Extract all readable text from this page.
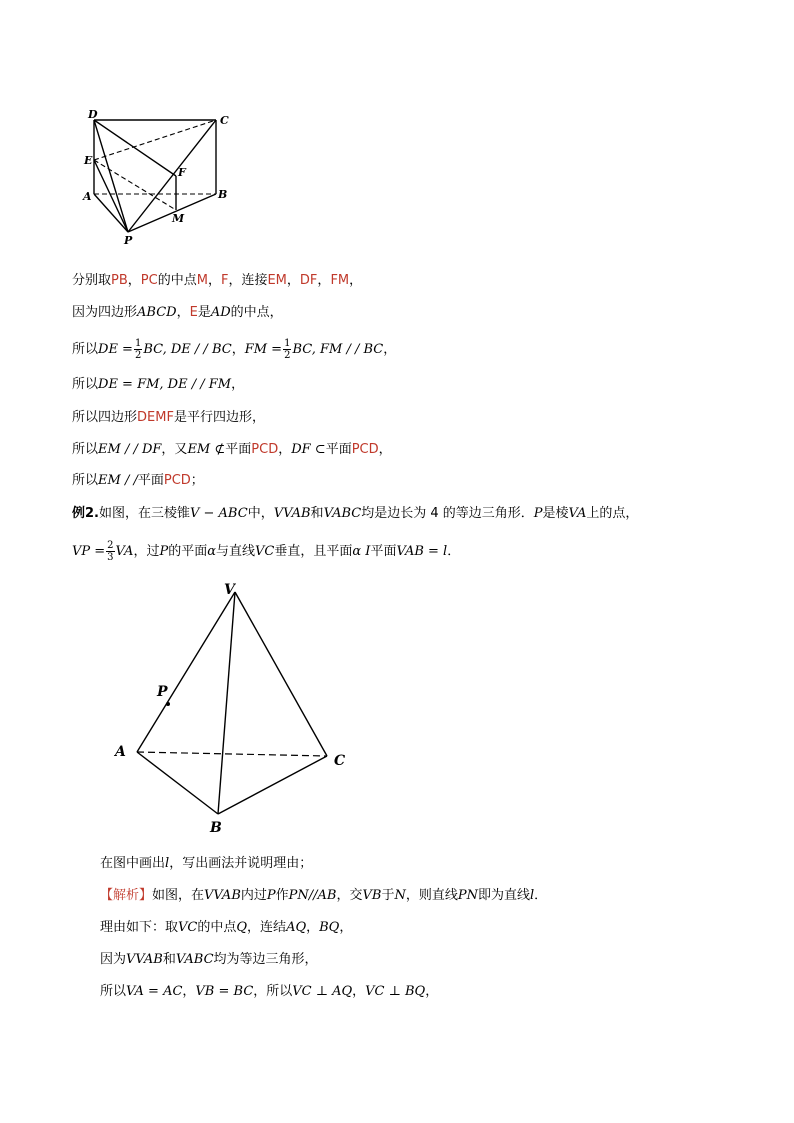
D	C
E
F
A	B
M
P
分别取PB，PC的中点M，F，连接EM，DF，FM，
因为四边形ABCD，E是AD的中点，
所以DE = $\frac{1}{2}$ BC, DE / / BC，FM = $\frac{1}{2}$ BC, FM / / BC，
所以DE = FM, DE / / FM，
所以四边形DEMF是平行四边形，
所以EM / / DF，又EM ⊄平面PCD，DF ⊂平面PCD，
所以EM / /平面PCD；
例2.如图，在三棱锥V − ABC中，VVAB和VABC均是边长为 4 的等边三角形．P是棱VA上的点，
VP = $\frac{2}{3}$ VA，过P的平面α与直线VC垂直，且平面α I平面VAB = l．
V
P
A
C
B
在图中画出l，写出画法并说明理由；
【解析】如图，在VVAB内过P作PN//AB，交VB于N，则直线PN即为直线l．
理由如下：取VC的中点Q，连结AQ，BQ，
因为VVAB和VABC均为等边三角形，
所以VA = AC，VB = BC，所以VC ⊥ AQ，VC ⊥ BQ，
